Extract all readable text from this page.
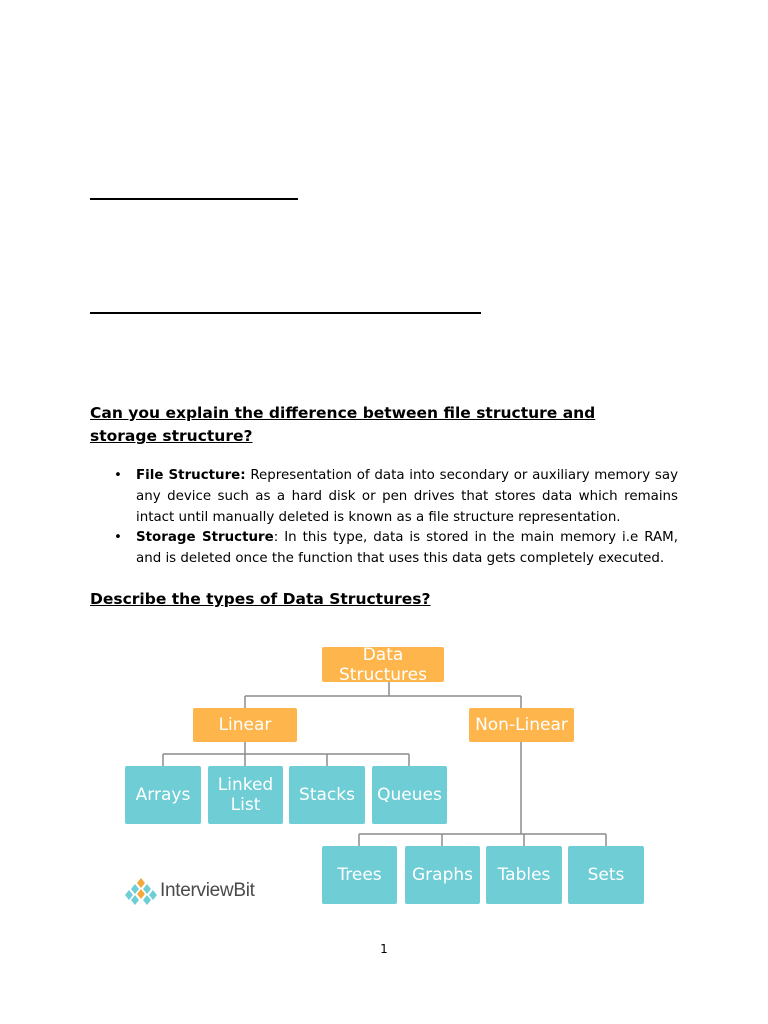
Can you explain the difference between file structure and storage structure?
• File Structure: Representation of data into secondary or auxiliary memory say any device such as a hard disk or pen drives that stores data which remains intact until manually deleted is known as a file structure representation.
• Storage Structure: In this type, data is stored in the main memory i.e RAM, and is deleted once the function that uses this data gets completely executed.
Describe the types of Data Structures?
Data Structures
Linear	Non-Linear
Arrays	Linked List	Stacks	Queues
Trees	Graphs	Tables	Sets
InterviewBit
1
